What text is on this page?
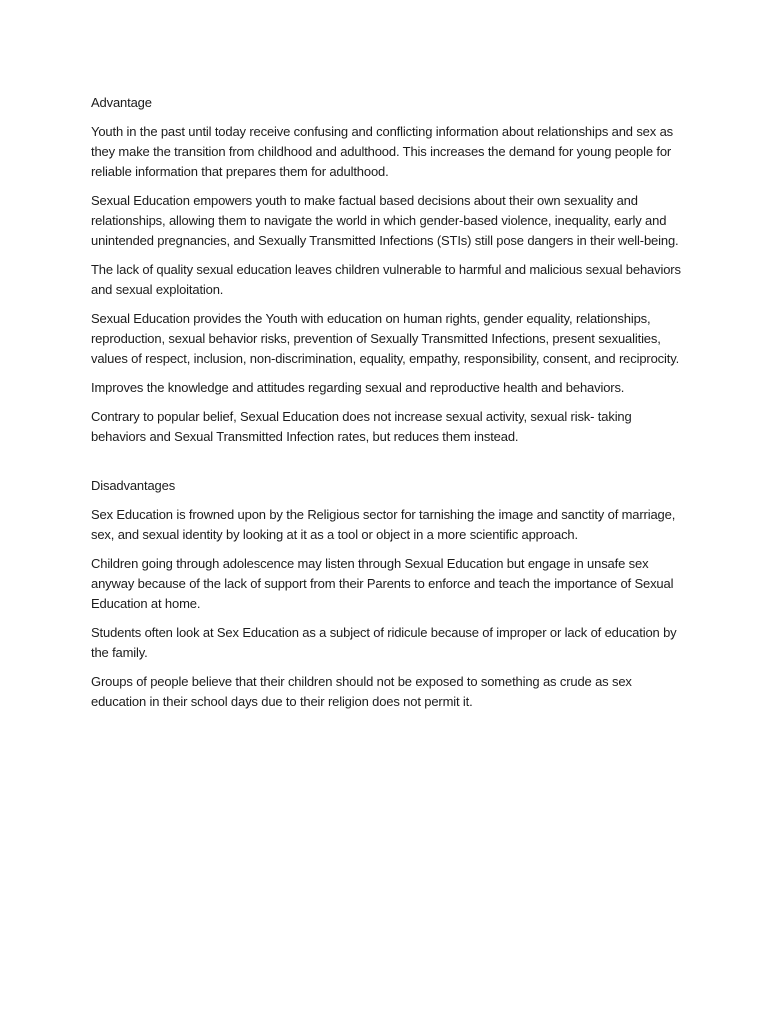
Advantage

Youth in the past until today receive confusing and conflicting information about relationships and sex as they make the transition from childhood and adulthood. This increases the demand for young people for reliable information that prepares them for adulthood.

Sexual Education empowers youth to make factual based decisions about their own sexuality and relationships, allowing them to navigate the world in which gender-based violence, inequality, early and unintended pregnancies, and Sexually Transmitted Infections (STIs) still pose dangers in their well-being.

The lack of quality sexual education leaves children vulnerable to harmful and malicious sexual behaviors and sexual exploitation.

Sexual Education provides the Youth with education on human rights, gender equality, relationships, reproduction, sexual behavior risks, prevention of Sexually Transmitted Infections, present sexualities, values of respect, inclusion, non-discrimination, equality, empathy, responsibility, consent, and reciprocity.

Improves the knowledge and attitudes regarding sexual and reproductive health and behaviors.

Contrary to popular belief, Sexual Education does not increase sexual activity, sexual risk- taking behaviors and Sexual Transmitted Infection rates, but reduces them instead.

Disadvantages

Sex Education is frowned upon by the Religious sector for tarnishing the image and sanctity of marriage, sex, and sexual identity by looking at it as a tool or object in a more scientific approach.

Children going through adolescence may listen through Sexual Education but engage in unsafe sex anyway because of the lack of support from their Parents to enforce and teach the importance of Sexual Education at home.

Students often look at Sex Education as a subject of ridicule because of improper or lack of education by the family.

Groups of people believe that their children should not be exposed to something as crude as sex education in their school days due to their religion does not permit it.
